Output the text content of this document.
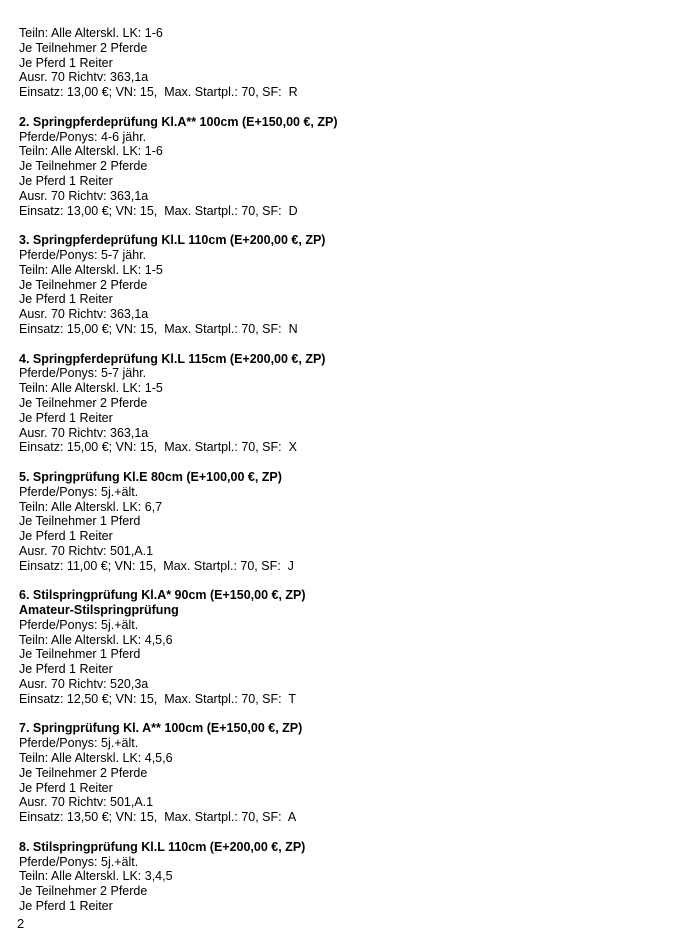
Teiln: Alle Alterskl. LK: 1-6
Je Teilnehmer 2 Pferde
Je Pferd 1 Reiter
Ausr. 70 Richtv: 363,1a
Einsatz: 13,00 €; VN: 15,  Max. Startpl.: 70, SF:  R
2. Springpferdeprüfung Kl.A** 100cm (E+150,00 €, ZP)
Pferde/Ponys: 4-6 jähr.
Teiln: Alle Alterskl. LK: 1-6
Je Teilnehmer 2 Pferde
Je Pferd 1 Reiter
Ausr. 70 Richtv: 363,1a
Einsatz: 13,00 €; VN: 15,  Max. Startpl.: 70, SF:  D
3. Springpferdeprüfung Kl.L 110cm (E+200,00 €, ZP)
Pferde/Ponys: 5-7 jähr.
Teiln: Alle Alterskl. LK: 1-5
Je Teilnehmer 2 Pferde
Je Pferd 1 Reiter
Ausr. 70 Richtv: 363,1a
Einsatz: 15,00 €; VN: 15,  Max. Startpl.: 70, SF:  N
4. Springpferdeprüfung Kl.L 115cm (E+200,00 €, ZP)
Pferde/Ponys: 5-7 jähr.
Teiln: Alle Alterskl. LK: 1-5
Je Teilnehmer 2 Pferde
Je Pferd 1 Reiter
Ausr. 70 Richtv: 363,1a
Einsatz: 15,00 €; VN: 15,  Max. Startpl.: 70, SF:  X
5. Springprüfung Kl.E 80cm (E+100,00 €, ZP)
Pferde/Ponys: 5j.+ält.
Teiln: Alle Alterskl. LK: 6,7
Je Teilnehmer 1 Pferd
Je Pferd 1 Reiter
Ausr. 70 Richtv: 501,A.1
Einsatz: 11,00 €; VN: 15,  Max. Startpl.: 70, SF:  J
6. Stilspringprüfung Kl.A* 90cm (E+150,00 €, ZP)
Amateur-Stilspringprüfung
Pferde/Ponys: 5j.+ält.
Teiln: Alle Alterskl. LK: 4,5,6
Je Teilnehmer 1 Pferd
Je Pferd 1 Reiter
Ausr. 70 Richtv: 520,3a
Einsatz: 12,50 €; VN: 15,  Max. Startpl.: 70, SF:  T
7. Springprüfung Kl. A** 100cm (E+150,00 €, ZP)
Pferde/Ponys: 5j.+ält.
Teiln: Alle Alterskl. LK: 4,5,6
Je Teilnehmer 2 Pferde
Je Pferd 1 Reiter
Ausr. 70 Richtv: 501,A.1
Einsatz: 13,50 €; VN: 15,  Max. Startpl.: 70, SF:  A
8. Stilspringprüfung Kl.L 110cm (E+200,00 €, ZP)
Pferde/Ponys: 5j.+ält.
Teiln: Alle Alterskl. LK: 3,4,5
Je Teilnehmer 2 Pferde
Je Pferd 1 Reiter
2
